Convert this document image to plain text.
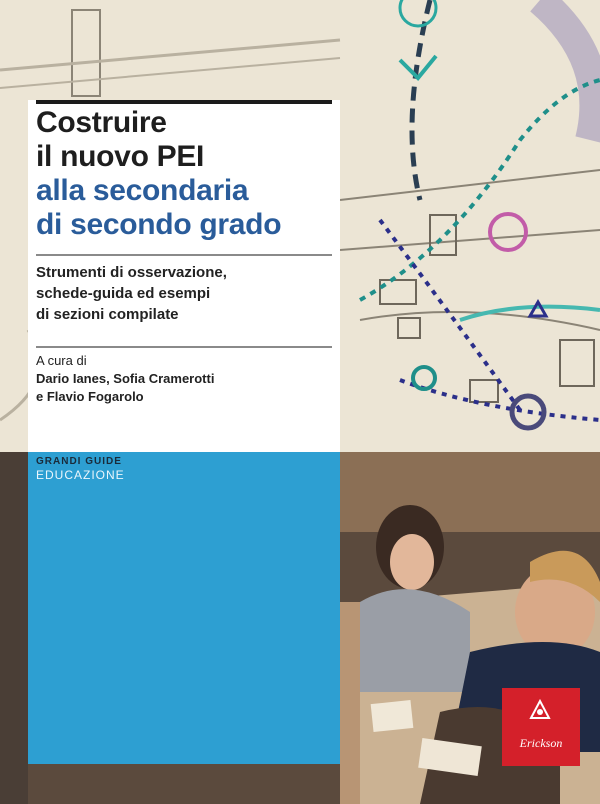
Costruire
il nuovo PEI
alla secondaria
di secondo grado

Strumenti di osservazione,
schede-guida ed esempi
di sezioni compilate

A cura di
Dario Ianes, Sofia Cramerotti
e Flavio Fogarolo

GRANDI GUIDE
EDUCAZIONE
Erickson
